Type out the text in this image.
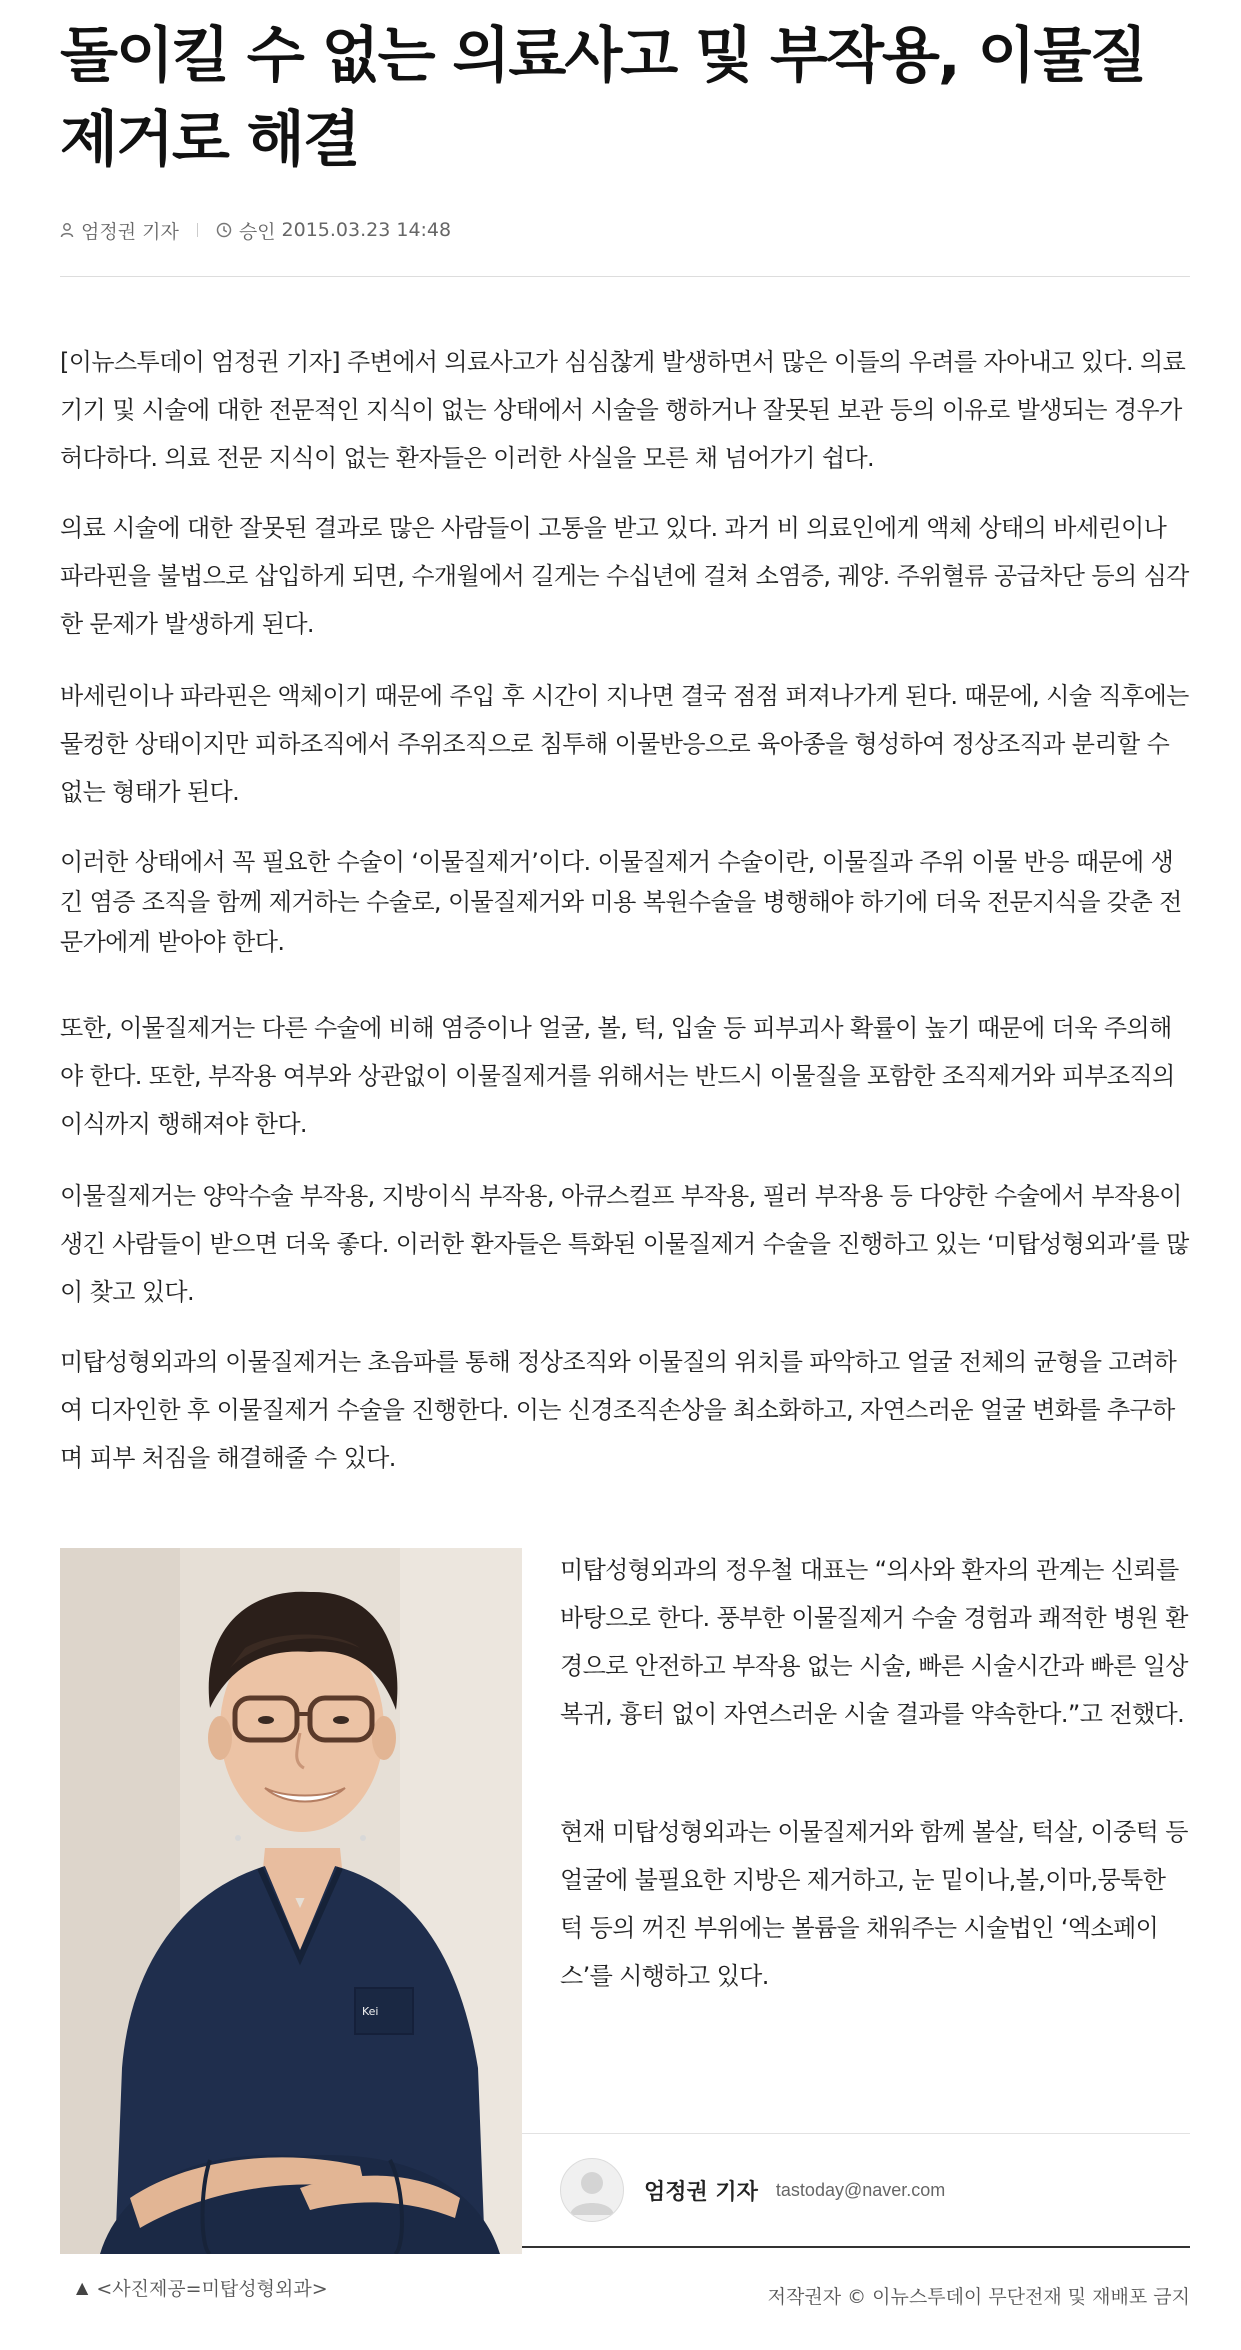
돌이킬 수 없는 의료사고 및 부작용, 이물질제거로 해결
엄정권 기자	승인 2015.03.23 14:48

[이뉴스투데이 엄정권 기자] 주변에서 의료사고가 심심찮게 발생하면서 많은 이들의 우려를 자아내고 있다. 의료기기 및 시술에 대한 전문적인 지식이 없는 상태에서 시술을 행하거나 잘못된 보관 등의 이유로 발생되는 경우가 허다하다. 의료 전문 지식이 없는 환자들은 이러한 사실을 모른 채 넘어가기 쉽다.

의료 시술에 대한 잘못된 결과로 많은 사람들이 고통을 받고 있다. 과거 비 의료인에게 액체 상태의 바세린이나 파라핀을 불법으로 삽입하게 되면, 수개월에서 길게는 수십년에 걸쳐 소염증, 궤양. 주위혈류 공급차단 등의 심각한 문제가 발생하게 된다.

바세린이나 파라핀은 액체이기 때문에 주입 후 시간이 지나면 결국 점점 퍼져나가게 된다. 때문에, 시술 직후에는 물컹한 상태이지만 피하조직에서 주위조직으로 침투해 이물반응으로 육아종을 형성하여 정상조직과 분리할 수 없는 형태가 된다.

이러한 상태에서 꼭 필요한 수술이 ‘이물질제거’이다. 이물질제거 수술이란, 이물질과 주위 이물 반응 때문에 생긴 염증 조직을 함께 제거하는 수술로, 이물질제거와 미용 복원수술을 병행해야 하기에 더욱 전문지식을 갖춘 전문가에게 받아야 한다.

또한, 이물질제거는 다른 수술에 비해 염증이나 얼굴, 볼, 턱, 입술 등 피부괴사 확률이 높기 때문에 더욱 주의해야 한다. 또한, 부작용 여부와 상관없이 이물질제거를 위해서는 반드시 이물질을 포함한 조직제거와 피부조직의 이식까지 행해져야 한다.

이물질제거는 양악수술 부작용, 지방이식 부작용, 아큐스컬프 부작용, 필러 부작용 등 다양한 수술에서 부작용이 생긴 사람들이 받으면 더욱 좋다. 이러한 환자들은 특화된 이물질제거 수술을 진행하고 있는 ‘미탑성형외과’를 많이 찾고 있다.

미탑성형외과의 이물질제거는 초음파를 통해 정상조직와 이물질의 위치를 파악하고 얼굴 전체의 균형을 고려하여 디자인한 후 이물질제거 수술을 진행한다. 이는 신경조직손상을 최소화하고, 자연스러운 얼굴 변화를 추구하며 피부 처짐을 해결해줄 수 있다.

Kei
▲ <사진제공=미탑성형외과>

미탑성형외과의 정우철 대표는 “의사와 환자의 관계는 신뢰를 바탕으로 한다. 풍부한 이물질제거 수술 경험과 쾌적한 병원 환경으로 안전하고 부작용 없는 시술, 빠른 시술시간과 빠른 일상 복귀, 흉터 없이 자연스러운 시술 결과를 약속한다.”고 전했다.

현재 미탑성형외과는 이물질제거와 함께 볼살, 턱살, 이중턱 등 얼굴에 불필요한 지방은 제거하고, 눈 밑이나,볼,이마,뭉툭한 턱 등의 꺼진 부위에는 볼륨을 채워주는 시술법인 ‘엑소페이스’를 시행하고 있다.

엄정권 기자 tastoday@naver.com
저작권자 © 이뉴스투데이 무단전재 및 재배포 금지
